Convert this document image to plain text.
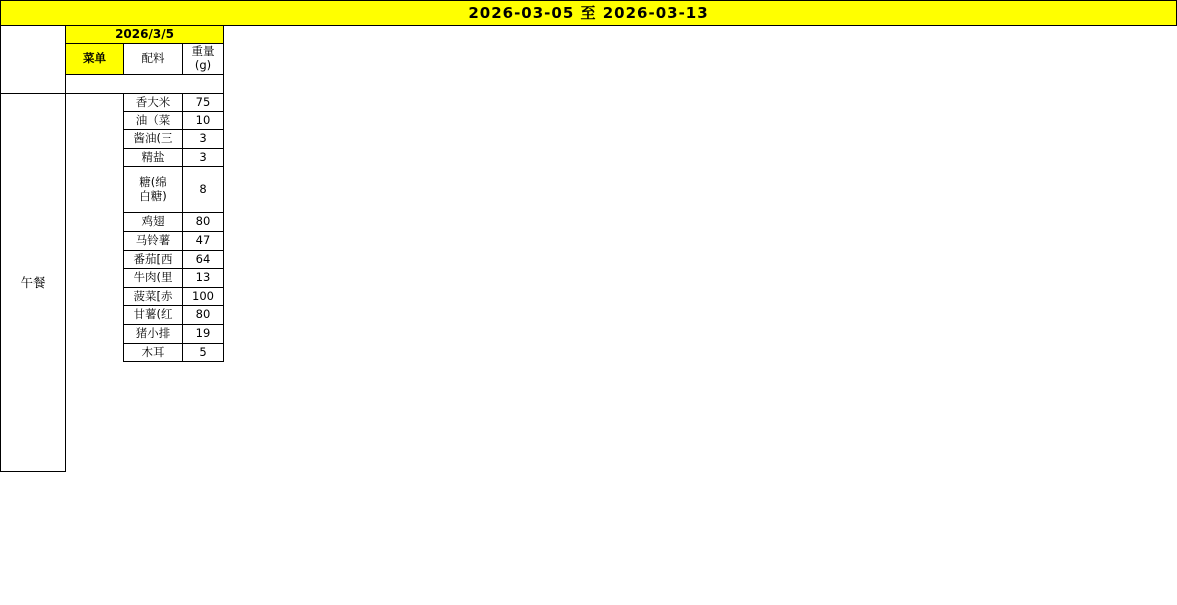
2026-03-05 至 2026-03-13
午餐
2026/3/5
菜单	配料	重量
(g)
香大米	75
油（菜	10
酱油(三	3
精盐	3
糖(绵
白糖)	8
鸡翅	80
马铃薯	47
番茄[西	64
牛肉(里	13
菠菜[赤	100
甘薯(红	80
猪小排	19
木耳	5
